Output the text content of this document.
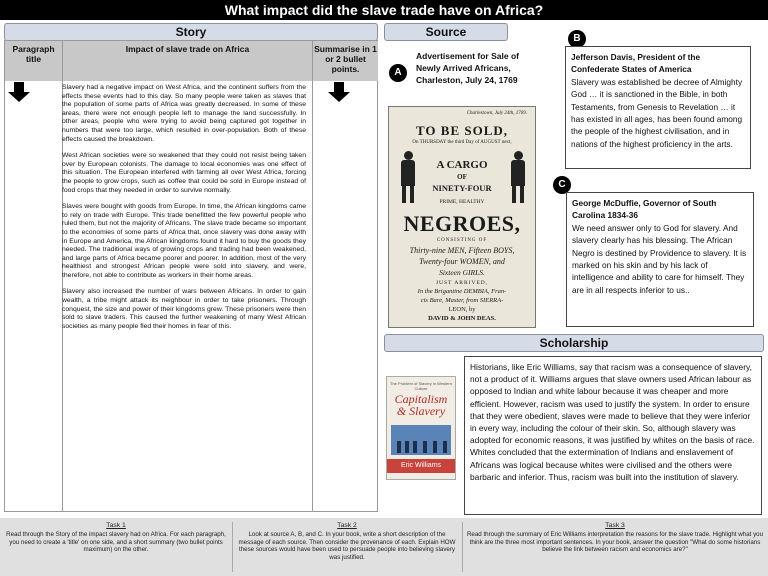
What impact did the slave trade have on Africa?
Story
Paragraph title
Impact of slave trade on Africa	Summarise in 1 or 2 bullet points.

Slavery had a negative impact on West Africa, and the continent suffers from the effects these events had to this day. So many people were taken as slaves that the population of some parts of Africa was greatly decreased. In some of these areas, there were not enough people left to manage the land successfully. In other areas, people who were trying to avoid being captured got together in numbers that were too large, which resulted in over-population. Both of these effects caused the breakdown.

West African societies were so weakened that they could not resist being taken over by European colonists. The damage to local economies was one effect of this situation. The European interfered with farming all over West Africa, forcing the people to grow crops, such as coffee that could be sold in Europe instead of food crops that they needed in order to survive normally.

Slaves were bought with goods from Europe. In time, the African kingdoms came to rely on trade with Europe. This trade benefitted the few powerful people who ruled them, but not the majority of Africans. The slave trade became so important to the economies of some parts of Africa that, once slavery was done away with in Europe and America, the African kingdoms found it hard to buy the goods they needed. The traditional ways of growing crops and trading had been weakened, and large parts of Africa became poorer and poorer. In addition, most of the very healthiest and strongest African people were sold into slavery, and were, therefore, not able to contribute as workers in their home areas.

Slavery also increased the number of wars between Africans. In order to gain wealth, a tribe might attack its neighbour in order to take prisoners. Through conquest, the size and power of their kingdoms grew. These prisoners were then sold to slave traders. This caused the further weakening of many West African societies as many people fled their homes in fear of this.

Source
A
Advertisement for Sale of Newly Arrived Africans, Charleston, July 24, 1769
Charlestown, July 24th, 1769.
TO BE SOLD,
On THURSDAY the third Day of AUGUST next,
A CARGO
OF
NINETY-FOUR
PRIME, HEALTHY
NEGROES,
CONSISTING OF
Thirty-nine MEN, Fifteen BOYS,
Twenty-four WOMEN, and
Sixteen GIRLS.
JUST ARRIVED,
In the Brigantine DEMBIA, Fran-
cis Bare, Master, from SIERRA-
LEON, by
DAVID & JOHN DEAS.
B
Jefferson Davis, President of the Confederate States of America
Slavery was established be decree of Almighty God … it is sanctioned in the Bible, in both Testaments, from Genesis to Revelation … it has existed in all ages, has been found among the people of the highest civilisation, and in nations of the highest proficiency in the arts.
C
George McDuffie, Governor of South Carolina 1834-36
We need answer only to God for slavery. And slavery clearly has his blessing. The African Negro is destined by Providence to slavery. It is marked on his skin and by his lack of intelligence and ability to care for himself. They are in all respects inferior to us..
Scholarship
The Problem of Slavery in Western Culture
Capitalism & Slavery
Eric Williams
Historians, like Eric Williams, say that racism was a consequence of slavery, not a product of it. Williams argues that slave owners used African labour as opposed to Indian and white labour because it was cheaper and more efficient. However, racism was used to justify the system. In order to ensure that they were obedient, slaves were made to believe that they were inferior in every way, including the colour of their skin. So, although slavery was adopted for economic reasons, it was justified by whites on the basis of race. Whites concluded that the extermination of Indians and enslavement of Africans was logical because whites were civilised and the others were barbaric and inferior. Thus, racism was built into the institution of slavery.
Task 1
Read through the Story of the impact slavery had on Africa. For each paragraph, you need to create a 'title' on one side, and a short summary (two bullet points maximum) on the other.
Task 2
Look at source A, B, and C. In your book, write a short description of the message of each source. Then consider the provenance of each. Explain HOW these sources would have been used to persuade people into believing slavery was justified.
Task 3
Read through the summary of Eric Williams interpretation the reasons for the slave trade. Highlight what you think are the three most important sentences. In your book, answer the question "What do some historians believe the link between racism and economics are?"
